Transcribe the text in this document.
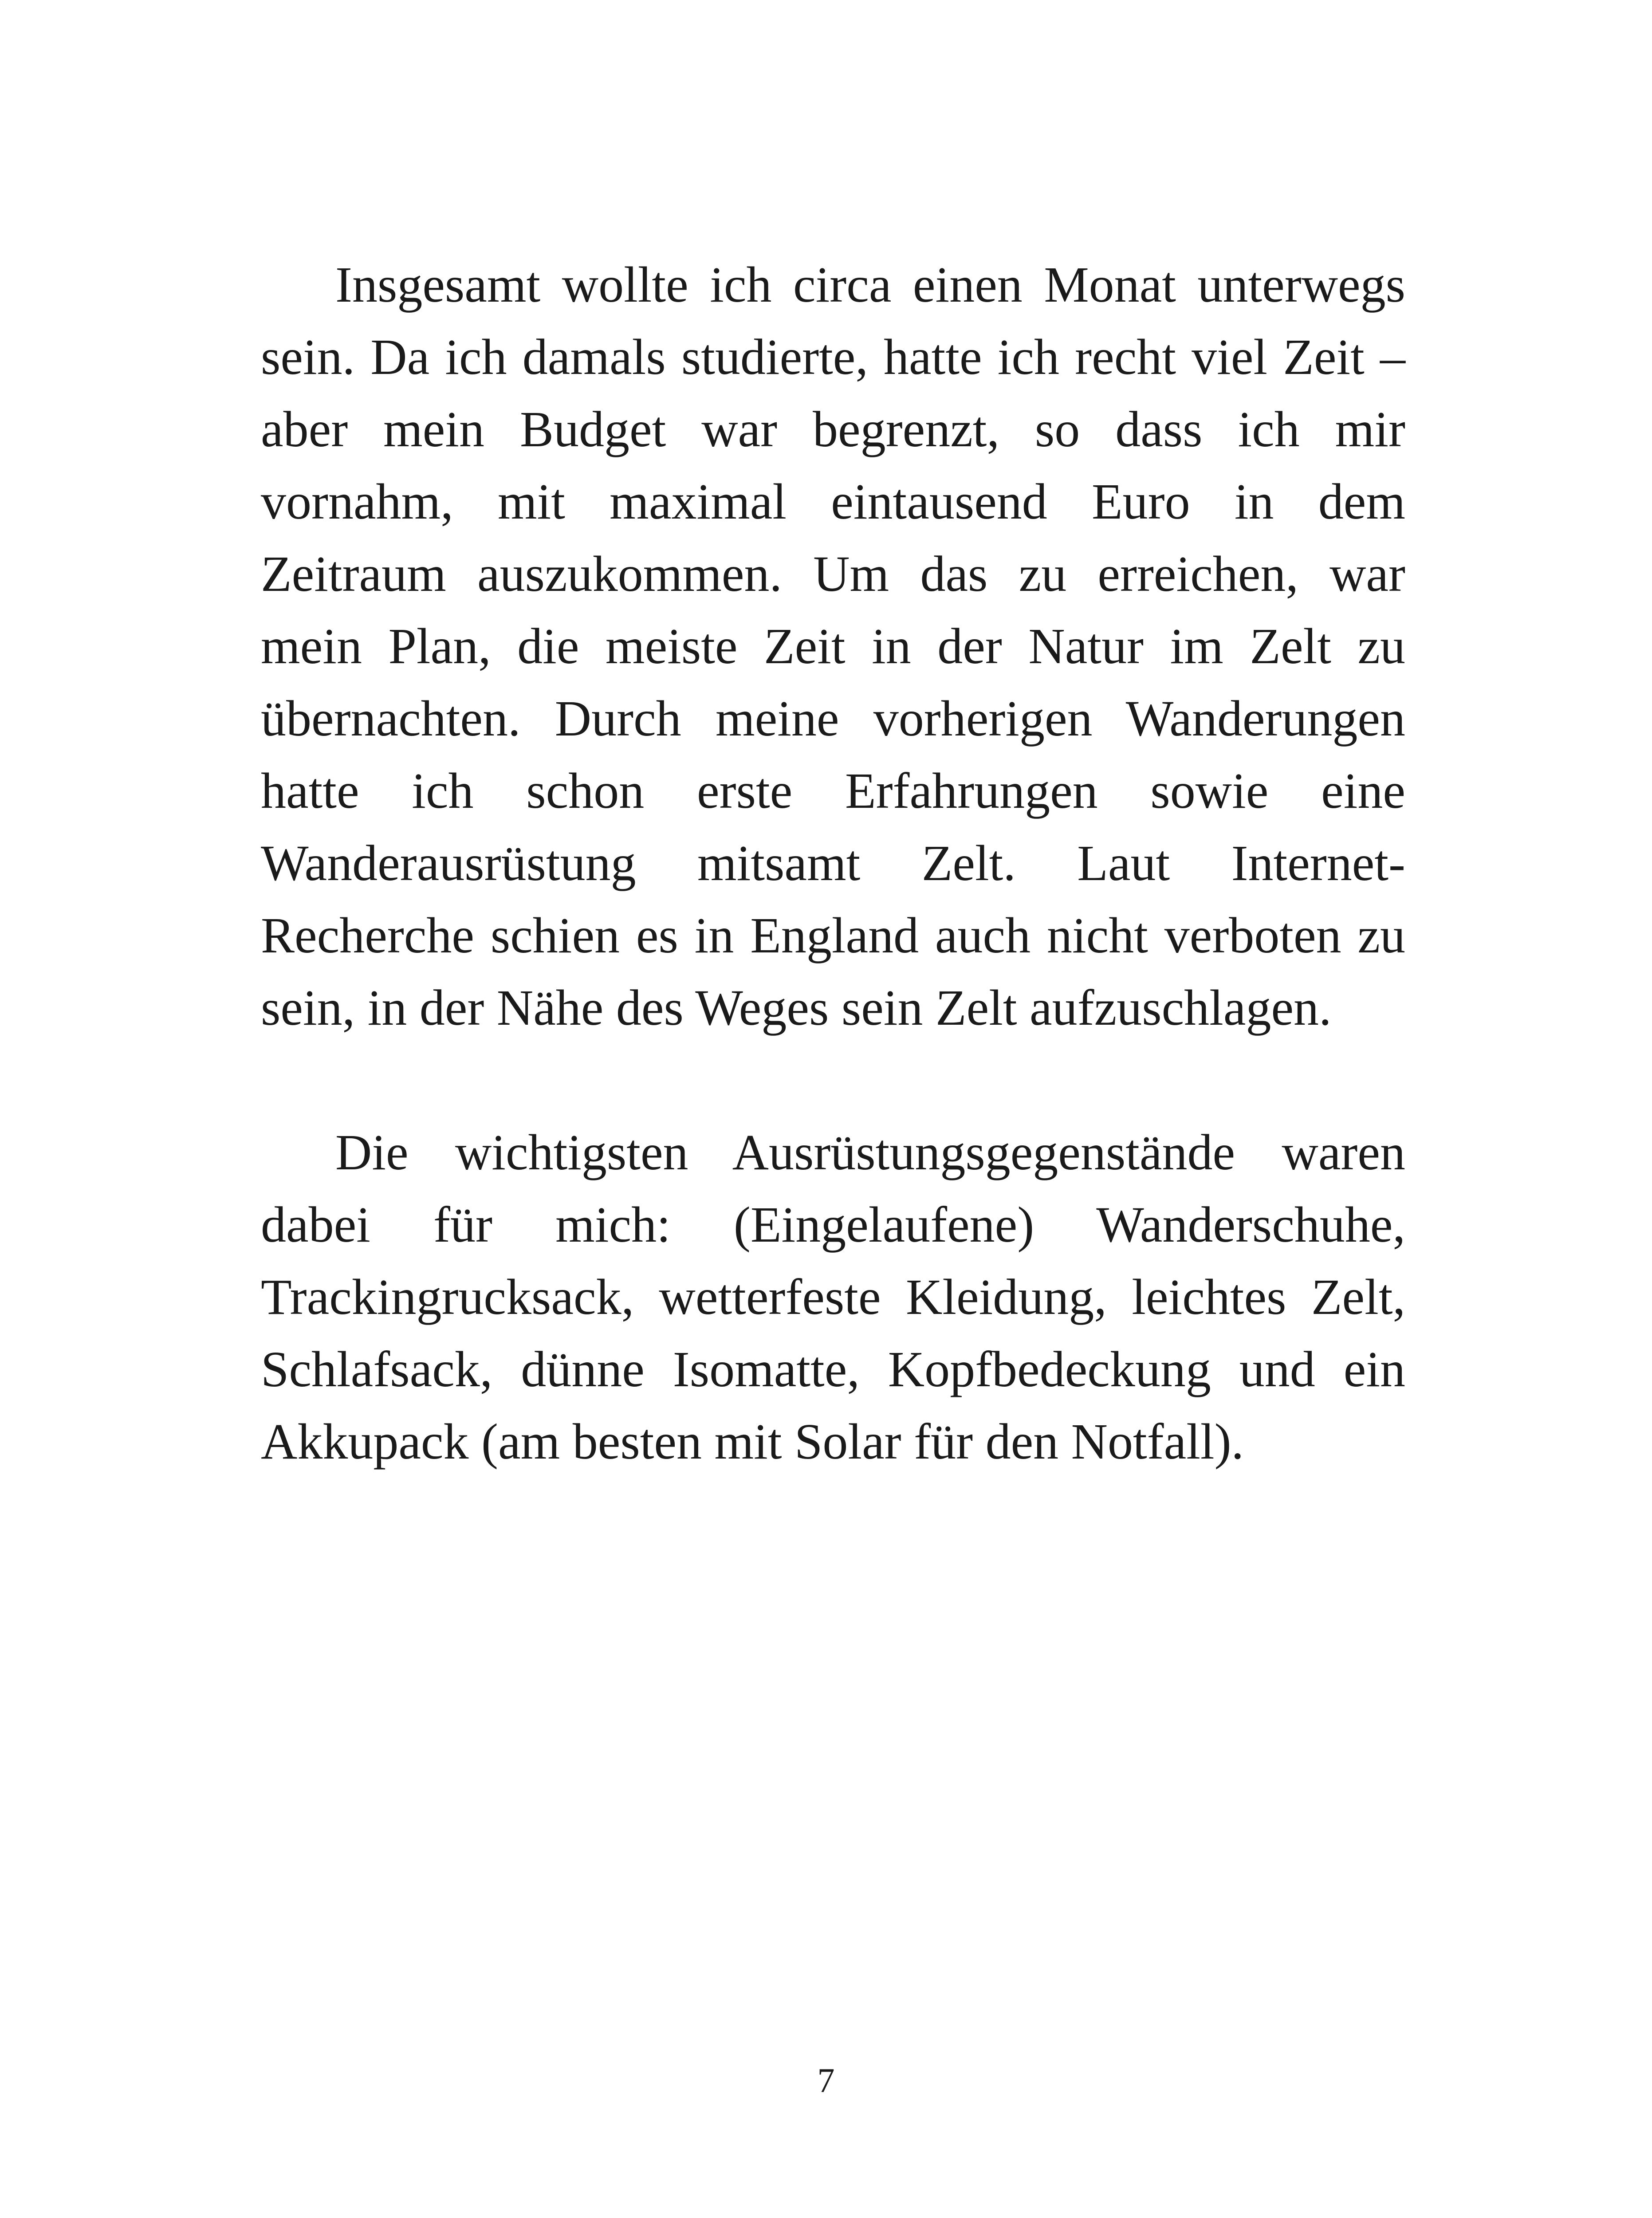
Insgesamt wollte ich circa einen Monat unterwegs sein. Da ich damals studierte, hatte ich recht viel Zeit – aber mein Budget war begrenzt, so dass ich mir vornahm, mit maximal eintausend Euro in dem Zeitraum auszukommen. Um das zu erreichen, war mein Plan, die meiste Zeit in der Natur im Zelt zu übernachten. Durch meine vorherigen Wanderungen hatte ich schon erste Erfahrungen sowie eine Wanderausrüstung mitsamt Zelt. Laut Internet-Recherche schien es in England auch nicht verboten zu sein, in der Nähe des Weges sein Zelt aufzuschlagen.

Die wichtigsten Ausrüstungsgegenstände waren dabei für mich: (Eingelaufene) Wanderschuhe, Trackingrucksack, wetterfeste Kleidung, leichtes Zelt, Schlafsack, dünne Isomatte, Kopfbedeckung und ein Akkupack (am besten mit Solar für den Notfall).

7
